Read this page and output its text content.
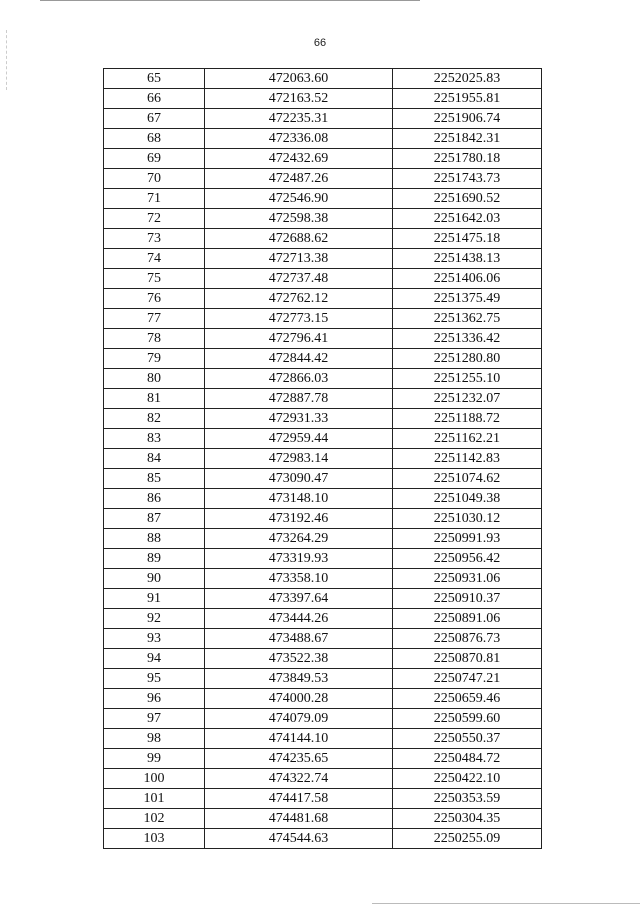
66
65	472063.60	2252025.83
66	472163.52	2251955.81
67	472235.31	2251906.74
68	472336.08	2251842.31
69	472432.69	2251780.18
70	472487.26	2251743.73
71	472546.90	2251690.52
72	472598.38	2251642.03
73	472688.62	2251475.18
74	472713.38	2251438.13
75	472737.48	2251406.06
76	472762.12	2251375.49
77	472773.15	2251362.75
78	472796.41	2251336.42
79	472844.42	2251280.80
80	472866.03	2251255.10
81	472887.78	2251232.07
82	472931.33	2251188.72
83	472959.44	2251162.21
84	472983.14	2251142.83
85	473090.47	2251074.62
86	473148.10	2251049.38
87	473192.46	2251030.12
88	473264.29	2250991.93
89	473319.93	2250956.42
90	473358.10	2250931.06
91	473397.64	2250910.37
92	473444.26	2250891.06
93	473488.67	2250876.73
94	473522.38	2250870.81
95	473849.53	2250747.21
96	474000.28	2250659.46
97	474079.09	2250599.60
98	474144.10	2250550.37
99	474235.65	2250484.72
100	474322.74	2250422.10
101	474417.58	2250353.59
102	474481.68	2250304.35
103	474544.63	2250255.09
